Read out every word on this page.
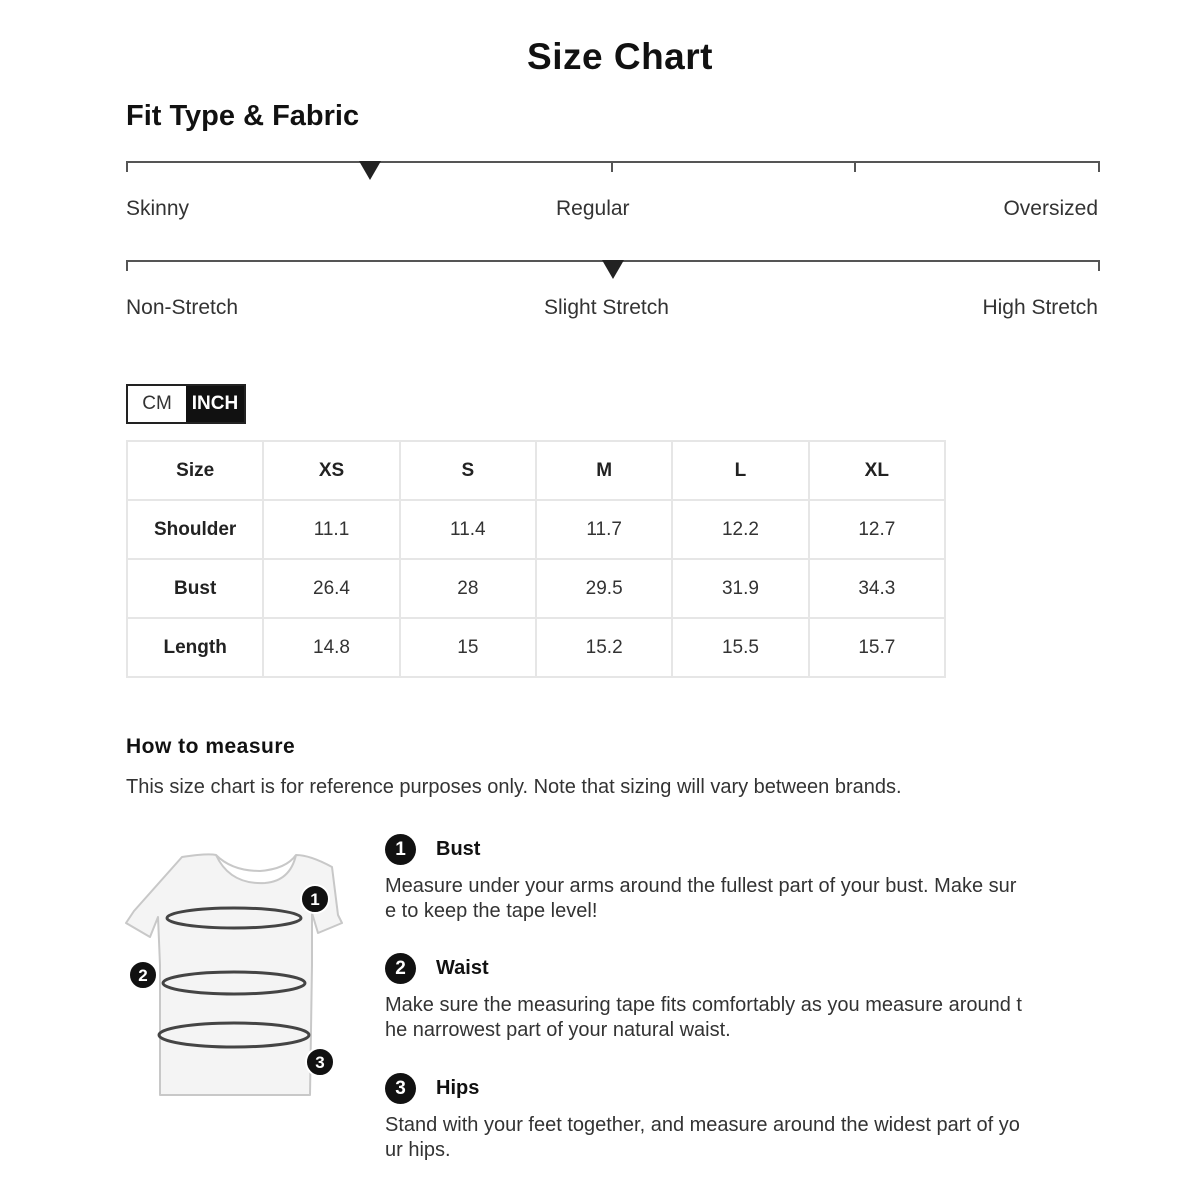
Size Chart
Fit Type & Fabric
Skinny	Regular	Oversized
Non-Stretch	Slight Stretch	High Stretch
CM	INCH
Size	XS	S	M	L	XL
Shoulder	11.1	11.4	11.7	12.2	12.7
Bust	26.4	28	29.5	31.9	34.3
Length	14.8	15	15.2	15.5	15.7
How to measure
This size chart is for reference purposes only. Note that sizing will vary between brands.
1
2
3
1	Bust
Measure under your arms around the fullest part of your bust. Make sure to keep the tape level!
2	Waist
Make sure the measuring tape fits comfortably as you measure around the narrowest part of your natural waist.
3	Hips
Stand with your feet together, and measure around the widest part of your hips.
